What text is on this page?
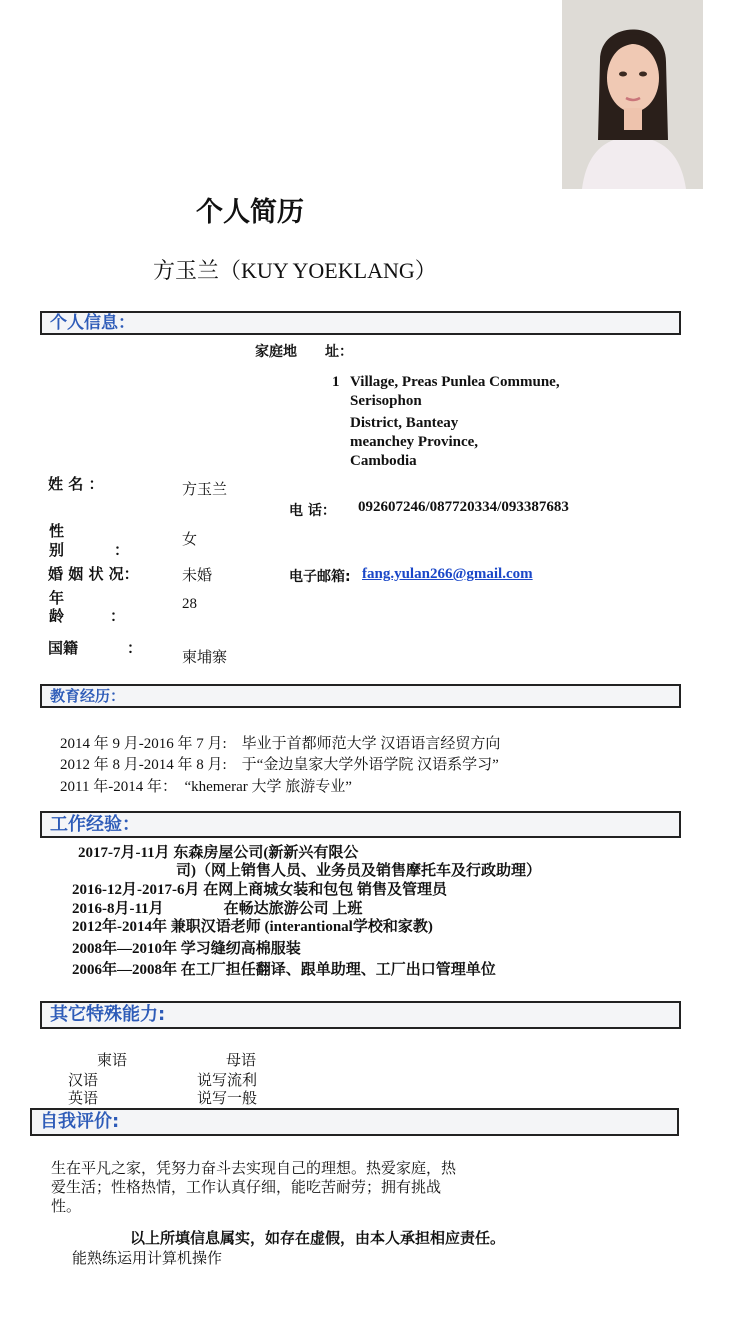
个人简历
方玉兰（KUY YOEKLANG）
个人信息：
家庭地　　址：
1 Village, Preas Punlea Commune,
Serisophon
District, Banteay
meanchey Province,
Cambodia
姓 名 ：	方玉兰
电 话： 092607246/087720334/093387683
性
别	：
女
婚 姻 状 况：	未婚	电子邮箱: fang.yulan266@gmail.com
年
龄	：
28
国籍	：	柬埔寨
教育经历：
2014 年 9 月-2016 年 7 月:　毕业于首都师范大学 汉语语言经贸方向
2012 年 8 月-2014 年 8 月:　于“金边皇家大学外语学院 汉语系学习”
2011 年-2014 年：　“khemerar 大学 旅游专业”
工作经验：
2017-7月-11月 东森房屋公司(新新兴有限公
司)（网上销售人员、业务员及销售摩托车及行政助理）
2016-12月-2017-6月 在网上商城女装和包包 销售及管理员
2016-8月-11月　　　　在畅达旅游公司 上班
2012年-2014年 兼职汉语老师 (interantional学校和家教)
2008年—2010年 学习缝纫高棉服装
2006年—2008年 在工厂担任翻译、跟单助理、工厂出口管理单位
其它特殊能力:
柬语	母语
汉语	说写流利
英语	说写一般
自我评价:
生在平凡之家，凭努力奋斗去实现自己的理想。热爱家庭，热
爱生活；性格热情，工作认真仔细，能吃苦耐劳；拥有挑战
性。
以上所填信息属实，如存在虚假，由本人承担相应责任。
能熟练运用计算机操作
